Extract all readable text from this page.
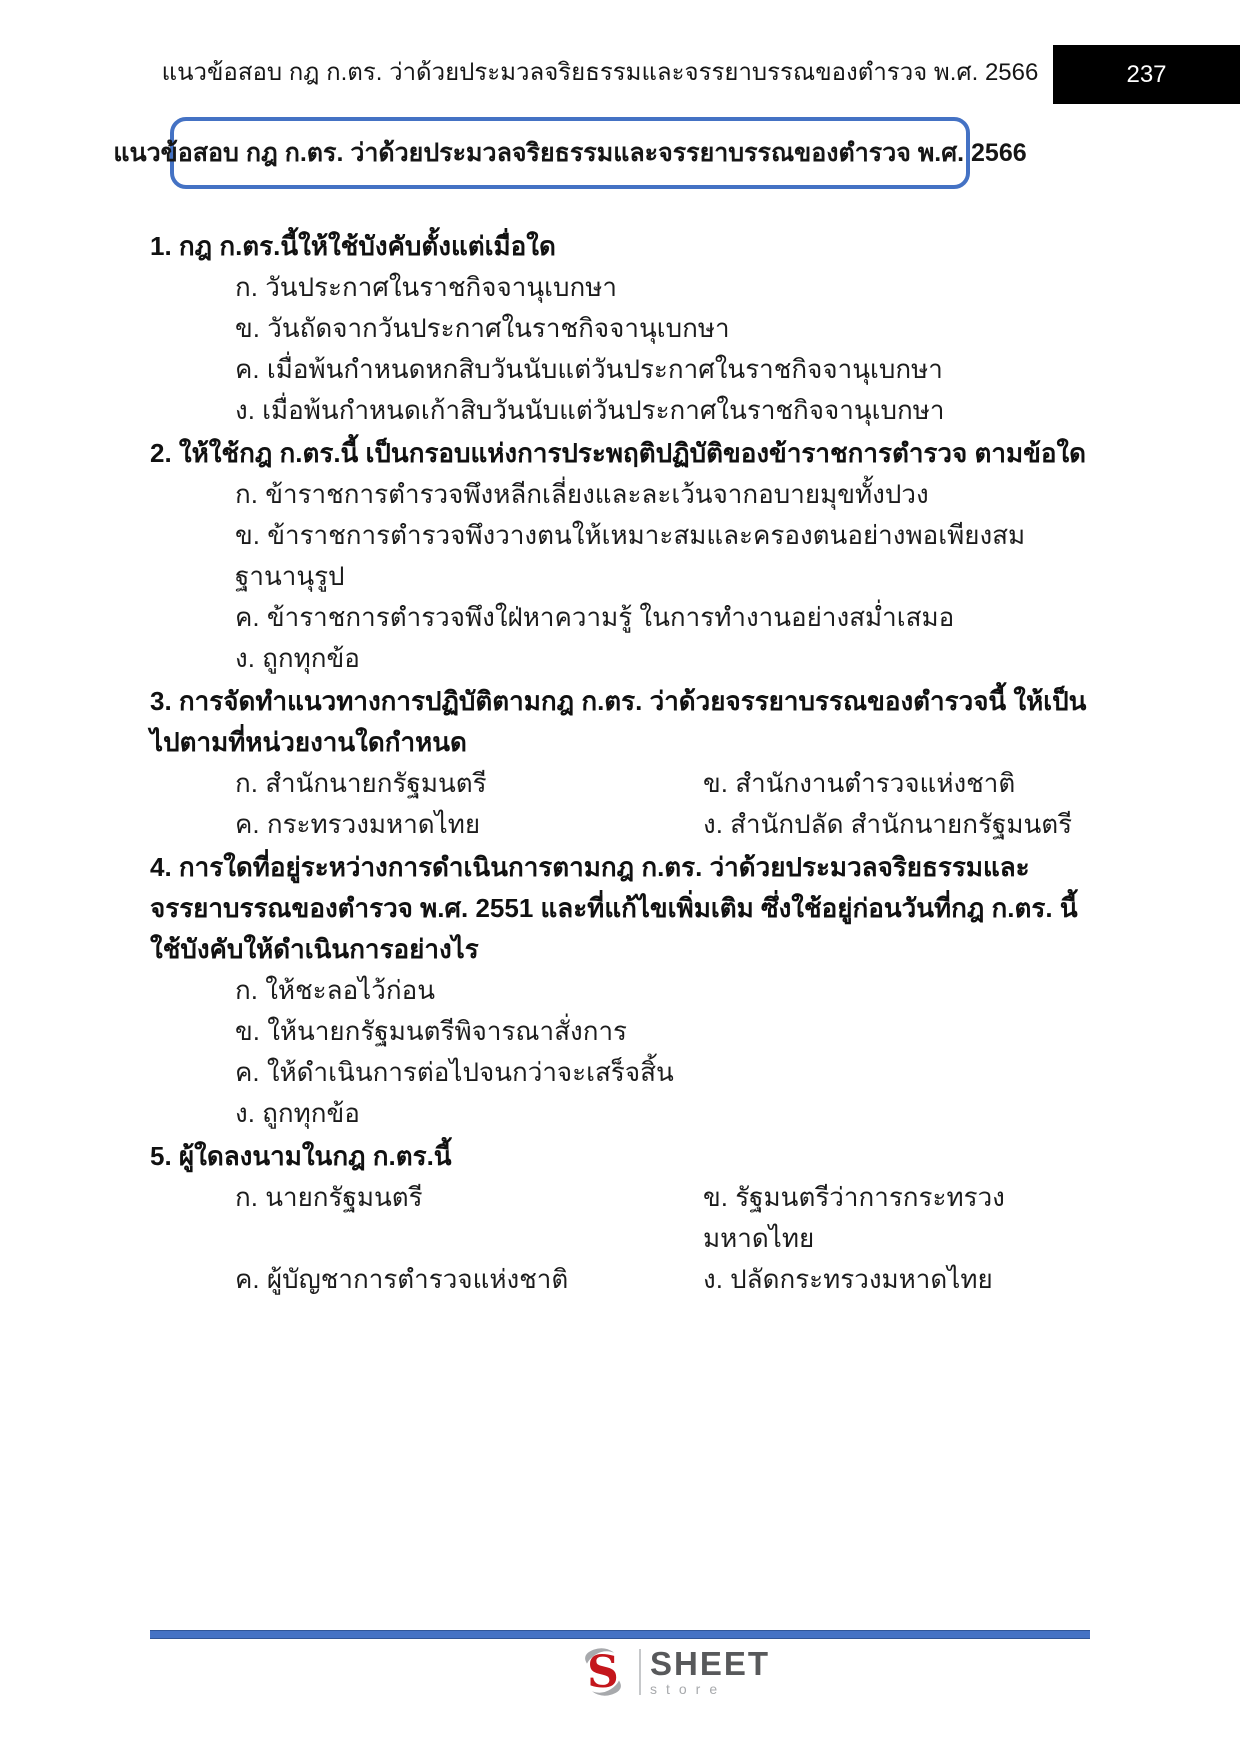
แนวข้อสอบ กฎ ก.ตร. ว่าด้วยประมวลจริยธรรมและจรรยาบรรณของตำรวจ พ.ศ. 2566	237
แนวข้อสอบ กฎ ก.ตร. ว่าด้วยประมวลจริยธรรมและจรรยาบรรณของตำรวจ พ.ศ. 2566
1. กฎ ก.ตร.นี้ให้ใช้บังคับตั้งแต่เมื่อใด
ก. วันประกาศในราชกิจจานุเบกษา
ข. วันถัดจากวันประกาศในราชกิจจานุเบกษา
ค. เมื่อพ้นกำหนดหกสิบวันนับแต่วันประกาศในราชกิจจานุเบกษา
ง. เมื่อพ้นกำหนดเก้าสิบวันนับแต่วันประกาศในราชกิจจานุเบกษา
2. ให้ใช้กฎ ก.ตร.นี้ เป็นกรอบแห่งการประพฤติปฏิบัติของข้าราชการตำรวจ ตามข้อใด
ก. ข้าราชการตำรวจพึงหลีกเลี่ยงและละเว้นจากอบายมุขทั้งปวง
ข. ข้าราชการตำรวจพึงวางตนให้เหมาะสมและครองตนอย่างพอเพียงสมฐานานุรูป
ค. ข้าราชการตำรวจพึงใฝ่หาความรู้ ในการทำงานอย่างสม่ำเสมอ
ง. ถูกทุกข้อ
3. การจัดทำแนวทางการปฏิบัติตามกฎ ก.ตร. ว่าด้วยจรรยาบรรณของตำรวจนี้ ให้เป็นไปตามที่หน่วยงานใดกำหนด
ก. สำนักนายกรัฐมนตรี	ข. สำนักงานตำรวจแห่งชาติ
ค. กระทรวงมหาดไทย	ง. สำนักปลัด สำนักนายกรัฐมนตรี
4. การใดที่อยู่ระหว่างการดำเนินการตามกฎ ก.ตร. ว่าด้วยประมวลจริยธรรมและจรรยาบรรณของตำรวจ พ.ศ. 2551 และที่แก้ไขเพิ่มเติม ซึ่งใช้อยู่ก่อนวันที่กฎ ก.ตร. นี้ ใช้บังคับให้ดำเนินการอย่างไร
ก. ให้ชะลอไว้ก่อน
ข. ให้นายกรัฐมนตรีพิจารณาสั่งการ
ค. ให้ดำเนินการต่อไปจนกว่าจะเสร็จสิ้น
ง. ถูกทุกข้อ
5. ผู้ใดลงนามในกฎ ก.ตร.นี้
ก. นายกรัฐมนตรี	ข. รัฐมนตรีว่าการกระทรวงมหาดไทย
ค. ผู้บัญชาการตำรวจแห่งชาติ	ง. ปลัดกระทรวงมหาดไทย
S SHEET
store
